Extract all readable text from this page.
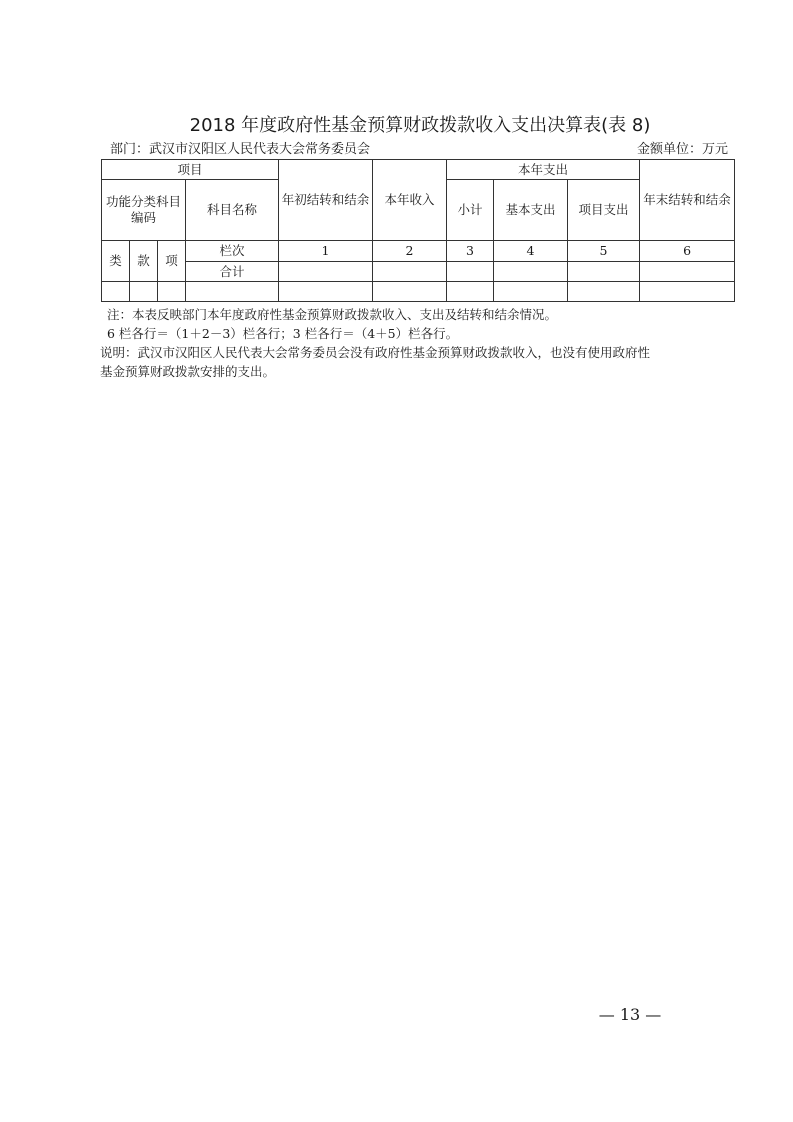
2018 年度政府性基金预算财政拨款收入支出决算表(表 8)
部门：武汉市汉阳区人民代表大会常务委员会	金额单位：万元
项目				年初结转和结余	本年收入	本年支出			年末结转和结余
功能分类科目编码			科目名称			小计	基本支出	项目支出	
类	款	项	栏次	1	2	3	4	5	6
			合计						

注：本表反映部门本年度政府性基金预算财政拨款收入、支出及结转和结余情况。
6 栏各行＝（1＋2－3）栏各行；3 栏各行＝（4＋5）栏各行。
说明：武汉市汉阳区人民代表大会常务委员会没有政府性基金预算财政拨款收入，也没有使用政府性
基金预算财政拨款安排的支出。
— 13 —
